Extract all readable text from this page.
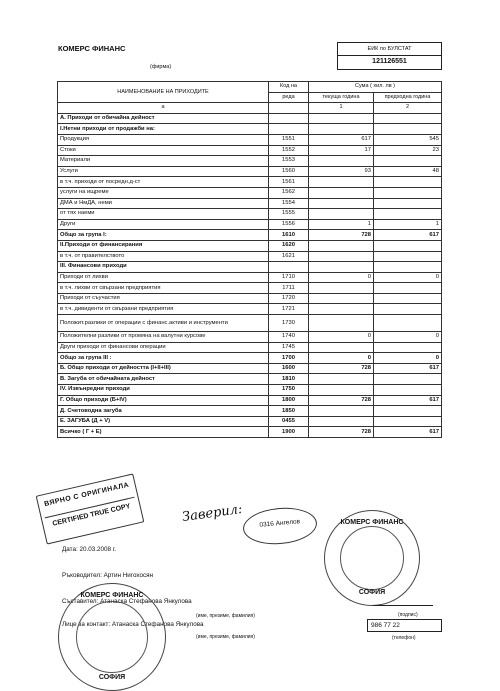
КОМЕРС ФИНАНС
(фирма)
ЕИК по БУЛСТАТ
121126551
НАИМЕНОВАНИЕ НА ПРИХОДИТЕ	Код на	Сума ( хил. лв )	
	реда	текуща година	предходна година
а		1	2
А. Приходи от обичайна дейност			
I.Нетни приходи от продажби на:			
Продукция	1551	617	545
Стоки	1552	17	23
Материали	1553		
Услуги	1560	93	48
в т.ч. приходи от посредн.д-ст	1561		
услуги на ищреме	1562		
ДМА и НмДА, неми	1554		
от тях наеми	1555		
Други	1556	1	1
Общо за група I:	1610	728	617
II.Приходи от финансирания	1620		
в т.ч. от правителството	1621		
III. Финансови приходи			
Приходи от лихви	1710	0	0
в т.ч. лихви от свързани предприятия	1711		
Приходи от съучастия	1720		
в т.ч. дивиденти от свързани предприятия	1721		
Положит.разлики от операции с финанс.активи и инструменти	1730		
Положителни разлики от промяна на валутни курсове	1740	0	0
Други приходи от финансови операции	1745		
Общо за група III :	1700	0	0
Б. Общо приходи от дейността (I+II+III)	1600	728	617
В. Загуба от обичайната дейност	1810		
IV. Извънредни приходи	1750		
Г. Общо приходи (Б+IV)	1800	728	617
Д. Счетоводна загуба	1850		
Е. ЗАГУБА (Д + V)	0455		
Всичко ( Г + Е)	1900	728	617
ВЯРНО С ОРИГИНАЛА
CERTIFIED TRUE COPY	Заверил:	0316 Ангелов	КОМЕРС ФИНАНС
СОФИЯ
Дата: 20.03.2008 г.
Ръководител: Артин Нигохосян
Съставител: Атанаска Стефанова Янкулова
(име, презиме, фамилия)	(подпис)
Лице за контакт: Атанаска Стефанова Янкулова
(име, презиме, фамилия)
986 77 22
(телефон)
КОМЕРС ФИНАНС
СОФИЯ
